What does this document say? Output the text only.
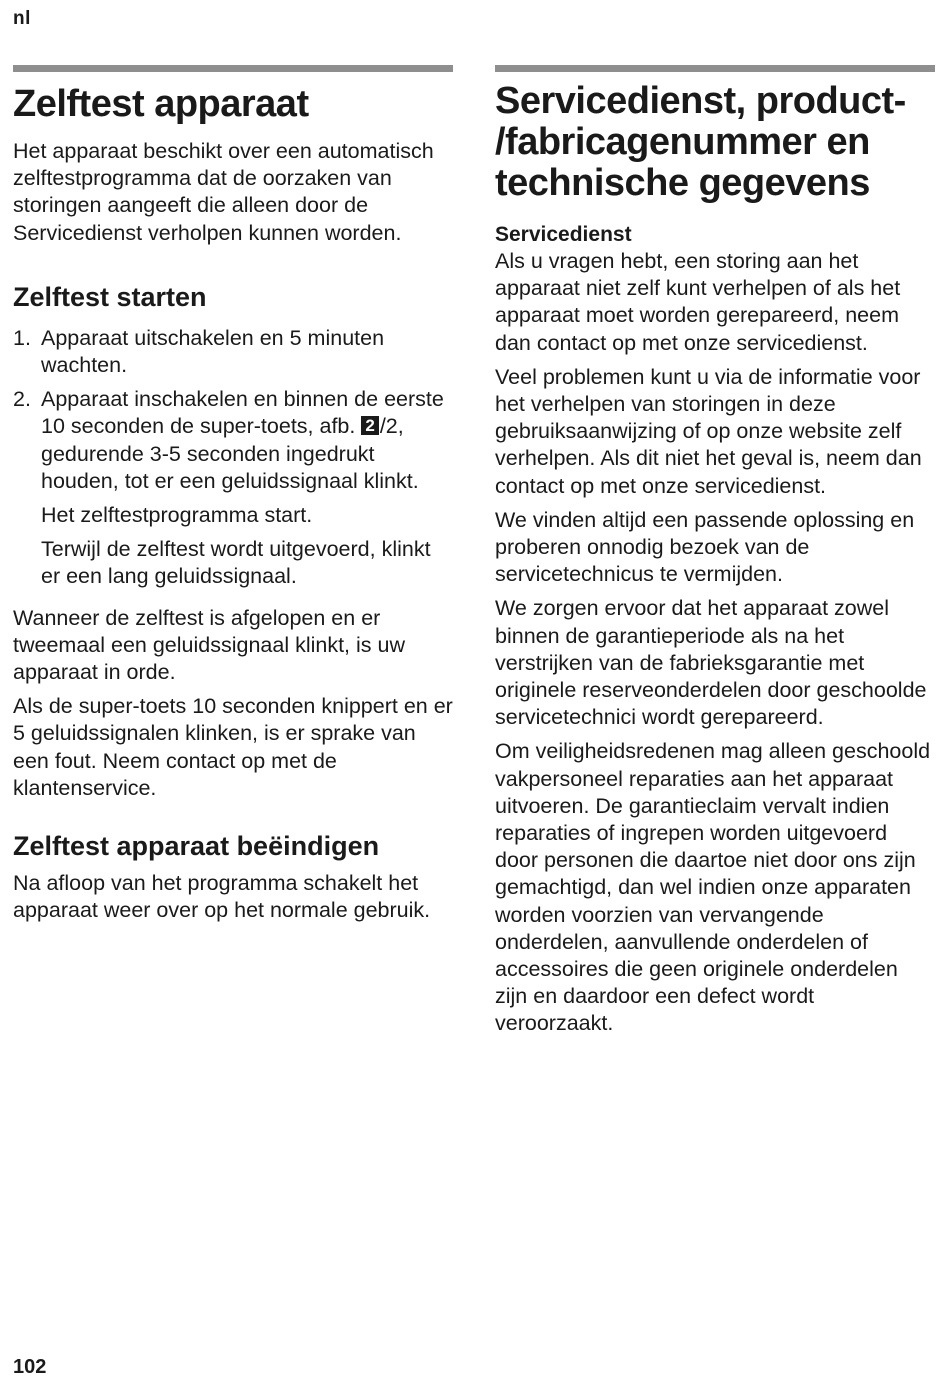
nl
Zelftest apparaat

Het apparaat beschikt over een automatisch zelftestprogramma dat de oorzaken van storingen aangeeft die alleen door de Servicedienst verholpen kunnen worden.

Zelftest starten
1. Apparaat uitschakelen en 5 minuten wachten.
2. Apparaat inschakelen en binnen de eerste 10 seconden de super-toets, afb. 2 /2, gedurende 3-5 seconden ingedrukt houden, tot er een geluidssignaal klinkt.

Het zelftestprogramma start.

Terwijl de zelftest wordt uitgevoerd, klinkt er een lang geluidssignaal.

Wanneer de zelftest is afgelopen en er tweemaal een geluidssignaal klinkt, is uw apparaat in orde.

Als de super-toets 10 seconden knippert en er 5 geluidssignalen klinken, is er sprake van een fout. Neem contact op met de klantenservice.

Zelftest apparaat beëindigen

Na afloop van het programma schakelt het apparaat weer over op het normale gebruik.

Servicedienst, product-
/fabricagenummer en
technische gegevens
Servicedienst

Als u vragen hebt, een storing aan het apparaat niet zelf kunt verhelpen of als het apparaat moet worden gerepareerd, neem dan contact op met onze servicedienst.

Veel problemen kunt u via de informatie voor het verhelpen van storingen in deze gebruiksaanwijzing of op onze website zelf verhelpen. Als dit niet het geval is, neem dan contact op met onze servicedienst.

We vinden altijd een passende oplossing en proberen onnodig bezoek van de servicetechnicus te vermijden.

We zorgen ervoor dat het apparaat zowel binnen de garantieperiode als na het verstrijken van de fabrieksgarantie met originele reserveonderdelen door geschoolde servicetechnici wordt gerepareerd.

Om veiligheidsredenen mag alleen geschoold vakpersoneel reparaties aan het apparaat uitvoeren. De garantieclaim vervalt indien reparaties of ingrepen worden uitgevoerd door personen die daartoe niet door ons zijn gemachtigd, dan wel indien onze apparaten worden voorzien van vervangende onderdelen, aanvullende onderdelen of accessoires die geen originele onderdelen zijn en daardoor een defect wordt veroorzaakt.

102
